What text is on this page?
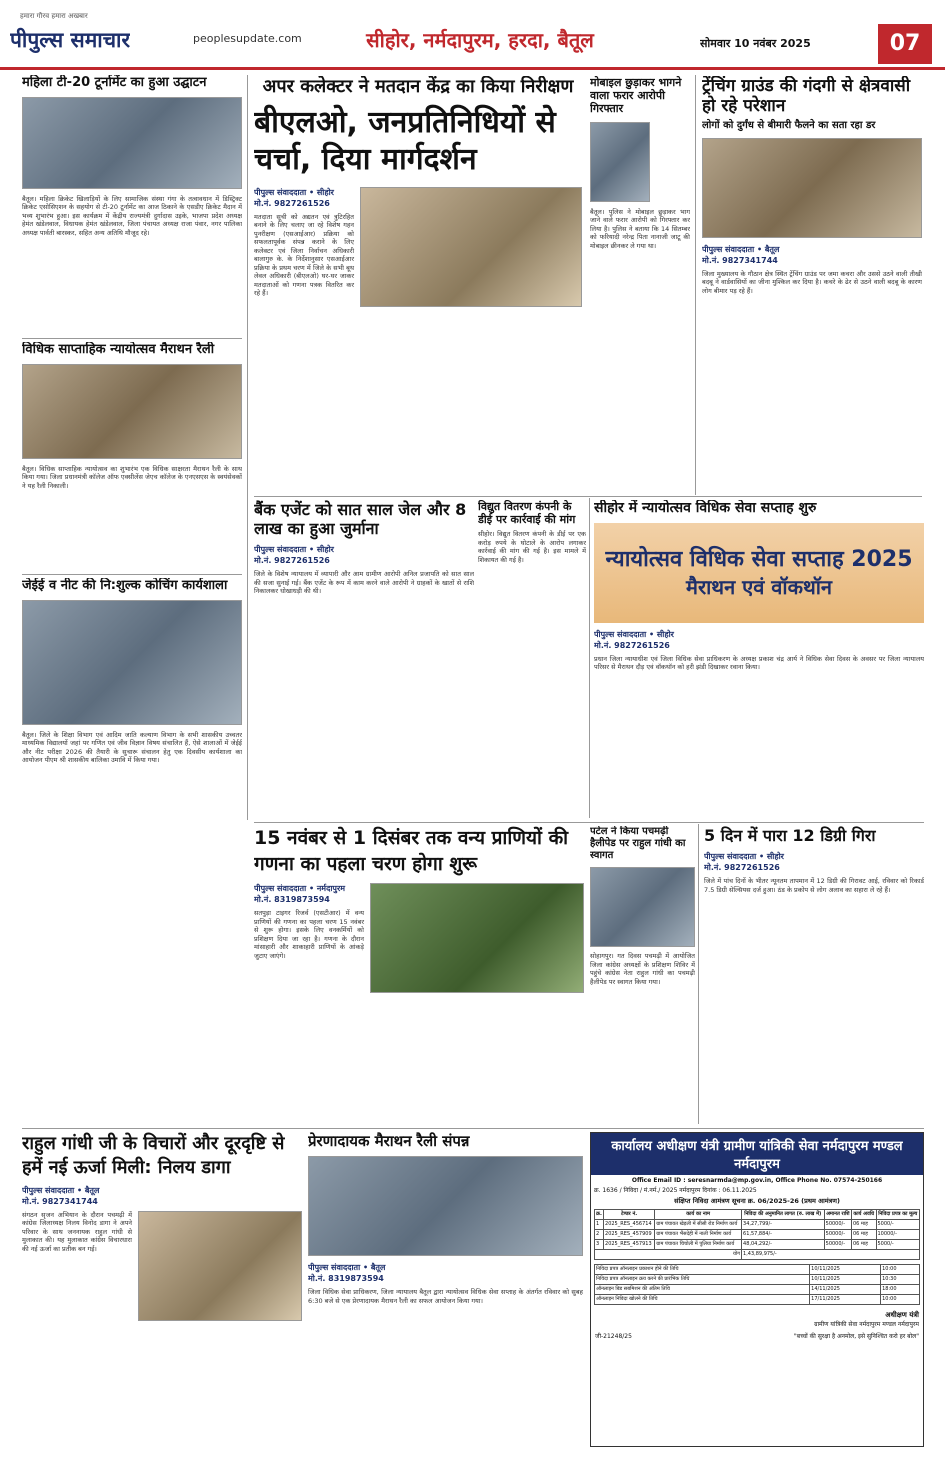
हमारा गौरव हमारा अखबार
पीपुल्स समाचार	peoplesupdate.com	सीहोर, नर्मदापुरम, हरदा, बैतूल	सोमवार 10 नवंबर 2025	07
महिला टी-20 टूर्नामेंट का हुआ उद्घाटन
बैतूल। महिला क्रिकेट खिलाड़ियों के लिए सामाजिक संस्था गंगा के तत्वावधान में डिस्ट्रिक्ट क्रिकेट एसोसिएशन के सहयोग से टी-20 टूर्नामेंट का आज ठिकाने के एसडीए क्रिकेट मैदान में भव्य शुभारंभ हुआ। इस कार्यक्रम में केंद्रीय राज्यमंत्री दुर्गादास उइके, भाजपा प्रदेश अध्यक्ष हेमंत खंडेलवाल, विधायक हेमंत खंडेलवाल, जिला पंचायत अध्यक्ष राजा पंवार, नगर पालिका अध्यक्ष पार्वती बारस्कर, सहित अन्य अतिथि मौजूद रहे।
विधिक साप्ताहिक न्यायोत्सव मैराथन रैली
बैतूल। विधिक साप्ताहिक न्यायोत्सव का शुभारंभ एक विधिक साक्षरता मैराथन रैली के साथ किया गया। जिला प्रधानमंत्री कॉलेज ऑफ एक्सीलेंस जेएच कॉलेज के एनएसएस के स्वयंसेवकों ने यह रैली निकाली।
जेईई व नीट की नि:शुल्क कोचिंग कार्यशाला
बैतूल। जिले के शिक्षा विभाग एवं आदिम जाति कल्याण विभाग के सभी शासकीय उच्चतर माध्यमिक विद्यालयों जहां पर गणित एवं जीव विज्ञान विषय संचालित हैं, ऐसे शालाओं में जेईई और नीट परीक्षा 2026 की तैयारी के सुचारू संचालन हेतु एक दिवसीय कार्यशाला का आयोजन पीएम श्री शासकीय बालिका उमावि में किया गया।
अपर कलेक्टर ने मतदान केंद्र का किया निरीक्षण
बीएलओ, जनप्रतिनिधियों से चर्चा, दिया मार्गदर्शन
पीपुल्स संवाददाता • सीहोर
मो.नं. 9827261526
मतदाता सूची को अद्यतन एवं त्रुटिरहित बनाने के लिए चलाए जा रहे विशेष गहन पुनरीक्षण (एसआईआर) प्रक्रिया को सफलतापूर्वक संपन्न कराने के लिए कलेक्टर एवं जिला निर्वाचन अधिकारी बालागुरु के. के निर्देशानुसार एसआईआर प्रक्रिया के प्रथम चरण में जिले के सभी बूथ लेवल अधिकारी (बीएलओ) घर-घर जाकर मतदाताओं को गणना पत्रक वितरित कर रहे हैं।
मोबाइल छुड़ाकर भागने वाला फरार आरोपी गिरफ्तार
बैतूल। पुलिस ने मोबाइल छुड़ाकर भाग जाने वाले फरार आरोपी को गिरफ्तार कर लिया है। पुलिस ने बताया कि 14 सितम्बर को फरियादी नरेन्द्र पिता नानाजी जाटू की मोबाइल छीनकर ले गया था।
ट्रेंचिंग ग्राउंड की गंदगी से क्षेत्रवासी हो रहे परेशान
लोगों को दुर्गंध से बीमारी फैलने का सता रहा डर
पीपुल्स संवाददाता • बैतूल
मो.नं. 9827341744
जिला मुख्यालय के गौठान क्षेत्र स्थित ट्रेंचिंग ग्राउंड पर जमा कचरा और उससे उठने वाली तीखी बदबू ने वार्डवासियों का जीना मुश्किल कर दिया है। कचरे के ढेर से उठने वाली बदबू के कारण लोग बीमार पड़ रहे हैं।
बैंक एजेंट को सात साल जेल और 8 लाख का हुआ जुर्माना
पीपुल्स संवाददाता • सीहोर
मो.नं. 9827261526
जिले के विशेष न्यायालय में व्यापारी और आम ग्रामीण आरोपी अनिल प्रजापति को सात साल की सजा सुनाई गई। बैंक एजेंट के रूप में काम करने वाले आरोपी ने ग्राहकों के खातों से राशि निकालकर धोखाधड़ी की थी।
विद्युत वितरण कंपनी के डीई पर कार्रवाई की मांग
सीहोर। विद्युत वितरण कंपनी के डीई पर एक करोड़ रुपये के घोटाले के आरोप लगाकर कार्रवाई की मांग की गई है। इस मामले में शिकायत की गई है।
सीहोर में न्यायोत्सव विधिक सेवा सप्ताह शुरु
न्यायोत्सव विधिक सेवा सप्ताह 2025
मैराथन एवं वॉकथॉन
पीपुल्स संवाददाता • सीहोर
मो.नं. 9827261526
प्रधान जिला न्यायाधीश एवं जिला विधिक सेवा प्राधिकरण के अध्यक्ष प्रकाश चंद्र आर्य ने विधिक सेवा दिवस के अवसर पर जिला न्यायालय परिसर से मैराथन दौड़ एवं वॉकथॉन को हरी झंडी दिखाकर रवाना किया।
15 नवंबर से 1 दिसंबर तक वन्य प्राणियों की गणना का पहला चरण होगा शुरू
पीपुल्स संवाददाता • नर्मदापुरम
मो.नं. 8319873594
सतपुड़ा टाइगर रिजर्व (एसटीआर) में वन्य प्राणियों की गणना का पहला चरण 15 नवंबर से शुरू होगा। इसके लिए वनकर्मियों को प्रशिक्षण दिया जा रहा है। गणना के दौरान मांसाहारी और शाकाहारी प्राणियों के आंकड़े जुटाए जाएंगे।
पटेल ने किया पचमढ़ी हैलीपेड पर राहुल गांधी का स्वागत
सोहागपुर। गत दिवस पचमढ़ी में आयोजित जिला कांग्रेस अध्यक्षों के प्रशिक्षण शिविर में पहुंचे कांग्रेस नेता राहुल गांधी का पचमढ़ी हैलीपेड पर स्वागत किया गया।
5 दिन में पारा 12 डिग्री गिरा
पीपुल्स संवाददाता • सीहोर
मो.नं. 9827261526
जिले में पांच दिनों के भीतर न्यूनतम तापमान में 12 डिग्री की गिरावट आई, रविवार को रिकार्ड 7.5 डिग्री सेल्सियस दर्ज हुआ। ठंड के प्रकोप से लोग अलाव का सहारा ले रहे हैं।
राहुल गांधी जी के विचारों और दूरदृष्टि से हमें नई ऊर्जा मिली: निलय डागा
पीपुल्स संवाददाता • बैतूल
मो.नं. 9827341744
संगठन सृजन अभियान के दौरान पचमढ़ी में कांग्रेस जिलाध्यक्ष निलय विनोद डागा ने अपने परिवार के साथ जननायक राहुल गांधी से मुलाकात की। यह मुलाकात कांग्रेस विचारधारा की नई ऊर्जा का प्रतीक बन गई।
प्रेरणादायक मैराथन रैली संपन्न
पीपुल्स संवाददाता • बैतूल
मो.नं. 8319873594
जिला विधिक सेवा प्राधिकरण, जिला न्यायालय बैतूल द्वारा न्यायोत्सव विधिक सेवा सप्ताह के अंतर्गत रविवार को सुबह 6:30 बजे से एक प्रेरणादायक मैराथन रैली का सफल आयोजन किया गया।
कार्यालय अधीक्षण यंत्री ग्रामीण यांत्रिकी सेवा नर्मदापुरम मण्डल नर्मदापुरम
Office Email ID : seresnarmda@mp.gov.in, Office Phone No. 07574-250166
क्र. 1636 / निविदा / मं.नर्म./ 2025 नर्मदापुरम दिनांक : 06.11.2025
संक्षिप्त निविदा आमंत्रण सूचना क्र. 06/2025-26 (प्रथम आमंत्रण)
क्र.	टेण्डर नं.	कार्य का नाम	निविदा की अनुमानित लागत (रु. लाख में)	अमानत राशि	कार्य अवधि	निविदा प्रपत्र का मूल्य
1	2025_RES_456714	ग्राम पंचायत खेड़ली में सीसी रोड निर्माण कार्य	34,27,799/-	50000/-	06 माह	5000/-
2	2025_RES_457909	ग्राम पंचायत भैंसदेही में नाली निर्माण कार्य	61,57,884/-	50000/-	06 माह	10000/-
3	2025_RES_457913	ग्राम पंचायत चिचोली में पुलिया निर्माण कार्य	48,04,292/-	50000/-	06 माह	5000/-
योग			1,43,89,975/-			
निविदा प्रपत्र ऑनलाइन प्रकाशन होने की तिथि	10/11/2025	10:00
निविदा प्रपत्र ऑनलाइन क्रय करने की प्रारंभिक तिथि	10/11/2025	10:30
ऑनलाइन बिड सबमिशन की अंतिम तिथि	14/11/2025	18:00
ऑनलाइन निविदा खोलने की तिथि	17/11/2025	10:00
अधीक्षण यंत्री
ग्रामीण यांत्रिकी सेवा नर्मदापुरम मण्डल नर्मदापुरम
जी-21248/25	"बच्चों की सुरक्षा है अनमोल, इसे सुनिश्चित करो हर बोल"
